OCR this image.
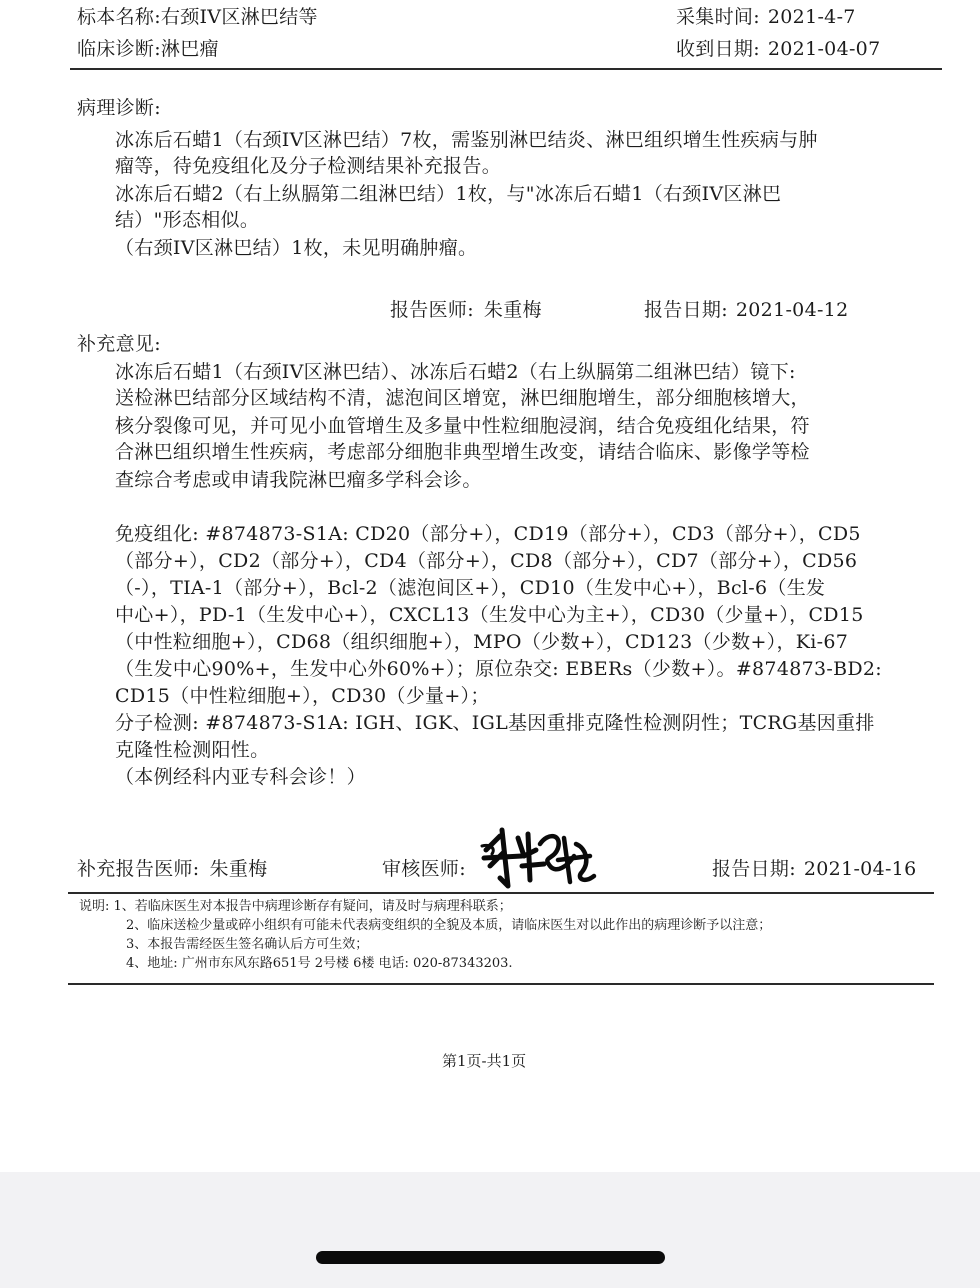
标本名称:右颈IV区淋巴结等	采集时间: 2021-4-7
临床诊断:淋巴瘤	收到日期: 2021-04-07
病理诊断:
冰冻后石蜡1（右颈IV区淋巴结）7枚，需鉴别淋巴结炎、淋巴组织增生性疾病与肿
瘤等，待免疫组化及分子检测结果补充报告。
冰冻后石蜡2（右上纵膈第二组淋巴结）1枚，与"冰冻后石蜡1（右颈IV区淋巴
结）"形态相似。
（右颈IV区淋巴结）1枚，未见明确肿瘤。
报告医师: 朱重梅	报告日期: 2021-04-12
补充意见:
冰冻后石蜡1（右颈IV区淋巴结）、冰冻后石蜡2（右上纵膈第二组淋巴结）镜下:
送检淋巴结部分区域结构不清，滤泡间区增宽，淋巴细胞增生，部分细胞核增大，
核分裂像可见，并可见小血管增生及多量中性粒细胞浸润，结合免疫组化结果，符
合淋巴组织增生性疾病，考虑部分细胞非典型增生改变，请结合临床、影像学等检
查综合考虑或申请我院淋巴瘤多学科会诊。
免疫组化: #874873-S1A: CD20（部分+），CD19（部分+），CD3（部分+），CD5
（部分+），CD2（部分+），CD4（部分+），CD8（部分+），CD7（部分+），CD56
（-），TIA-1（部分+），Bcl-2（滤泡间区+），CD10（生发中心+），Bcl-6（生发
中心+），PD-1（生发中心+），CXCL13（生发中心为主+），CD30（少量+），CD15
（中性粒细胞+），CD68（组织细胞+），MPO（少数+），CD123（少数+），Ki-67
（生发中心90%+，生发中心外60%+）；原位杂交: EBERs（少数+）。#874873-BD2:
CD15（中性粒细胞+），CD30（少量+）；
分子检测: #874873-S1A: IGH、IGK、IGL基因重排克隆性检测阴性；TCRG基因重排
克隆性检测阳性。
（本例经科内亚专科会诊！）
补充报告医师: 朱重梅	审核医师:	报告日期: 2021-04-16
说明: 1、若临床医生对本报告中病理诊断存有疑问，请及时与病理科联系；
2、临床送检少量或碎小组织有可能未代表病变组织的全貌及本质，请临床医生对以此作出的病理诊断予以注意；
3、本报告需经医生签名确认后方可生效；
4、地址: 广州市东风东路651号 2号楼 6楼 电话: 020-87343203.
第1页-共1页
